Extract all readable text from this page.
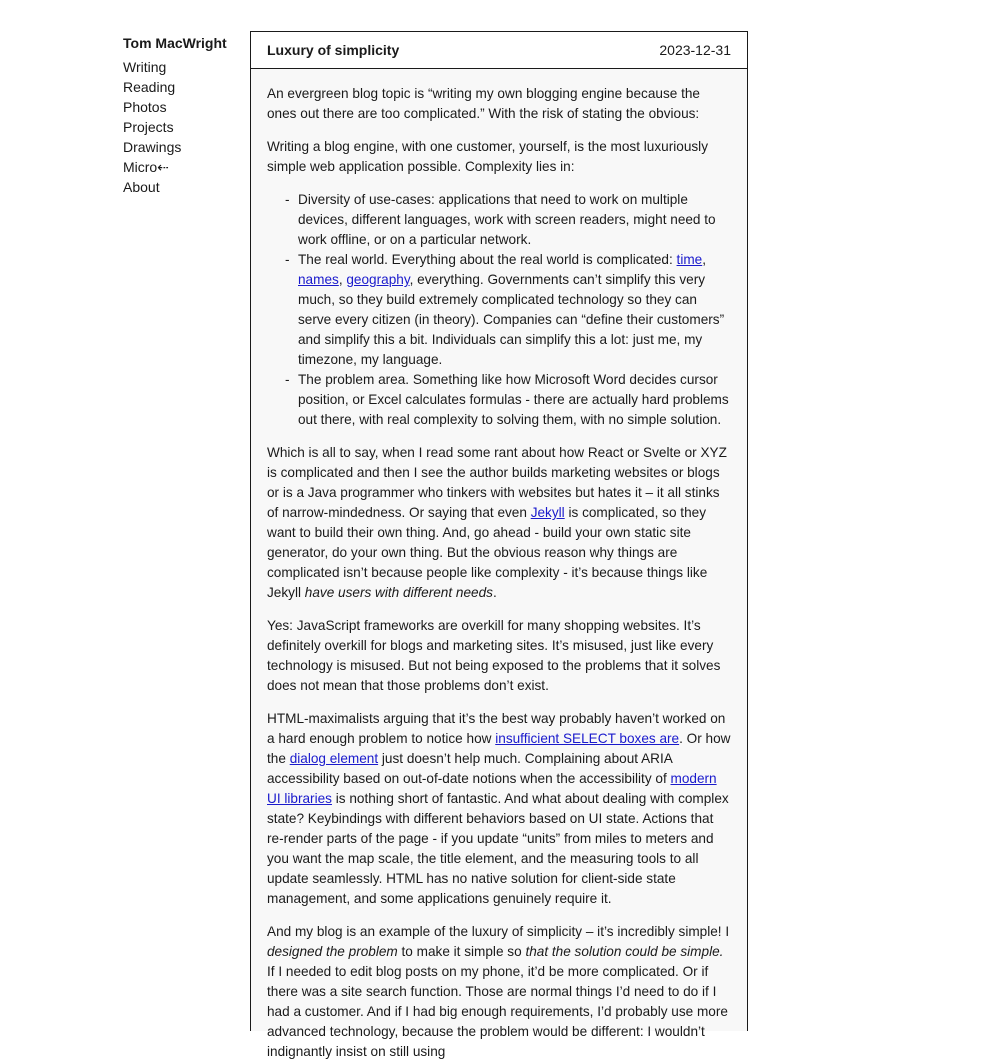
Tom MacWright
Writing
Reading
Photos
Projects
Drawings
Micro⇠
About
Luxury of simplicity	2023-12-31

An evergreen blog topic is “writing my own blogging engine because the ones out there are too complicated.” With the risk of stating the obvious:

Writing a blog engine, with one customer, yourself, is the most luxuriously simple web application possible. Complexity lies in:

- Diversity of use-cases: applications that need to work on multiple devices, different languages, work with screen readers, might need to work offline, or on a particular network.
- The real world. Everything about the real world is complicated: time, names, geography, everything. Governments can’t simplify this very much, so they build extremely complicated technology so they can serve every citizen (in theory). Companies can “define their customers” and simplify this a bit. Individuals can simplify this a lot: just me, my timezone, my language.
- The problem area. Something like how Microsoft Word decides cursor position, or Excel calculates formulas - there are actually hard problems out there, with real complexity to solving them, with no simple solution.

Which is all to say, when I read some rant about how React or Svelte or XYZ is complicated and then I see the author builds marketing websites or blogs or is a Java programmer who tinkers with websites but hates it – it all stinks of narrow-mindedness. Or saying that even Jekyll is complicated, so they want to build their own thing. And, go ahead - build your own static site generator, do your own thing. But the obvious reason why things are complicated isn’t because people like complexity - it’s because things like Jekyll have users with different needs.

Yes: JavaScript frameworks are overkill for many shopping websites. It’s definitely overkill for blogs and marketing sites. It’s misused, just like every technology is misused. But not being exposed to the problems that it solves does not mean that those problems don’t exist.

HTML-maximalists arguing that it’s the best way probably haven’t worked on a hard enough problem to notice how insufficient SELECT boxes are. Or how the dialog element just doesn’t help much. Complaining about ARIA accessibility based on out-of-date notions when the accessibility of modern UI libraries is nothing short of fantastic. And what about dealing with complex state? Keybindings with different behaviors based on UI state. Actions that re-render parts of the page - if you update “units” from miles to meters and you want the map scale, the title element, and the measuring tools to all update seamlessly. HTML has no native solution for client-side state management, and some applications genuinely require it.

And my blog is an example of the luxury of simplicity – it’s incredibly simple! I designed the problem to make it simple so that the solution could be simple. If I needed to edit blog posts on my phone, it’d be more complicated. Or if there was a site search function. Those are normal things I’d need to do if I had a customer. And if I had big enough requirements, I’d probably use more advanced technology, because the problem would be different: I wouldn’t indignantly insist on still using
